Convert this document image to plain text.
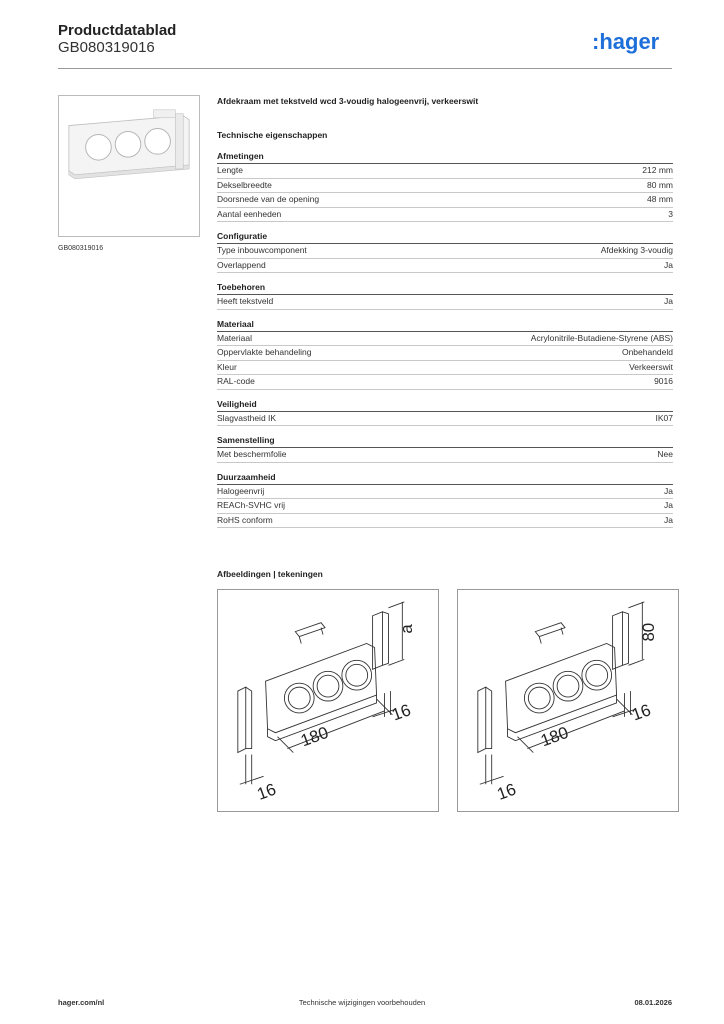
Productdatablad
GB080319016	:hager
GB080319016
Afdekraam met tekstveld wcd 3-voudig halogeenvrij, verkeerswit
Technische eigenschappen
Afmetingen
Lengte	212 mm
Dekselbreedte	80 mm
Doorsnede van de opening	48 mm
Aantal eenheden	3
Configuratie
Type inbouwcomponent	Afdekking 3-voudig
Overlappend	Ja
Toebehoren
Heeft tekstveld	Ja
Materiaal
Materiaal	Acrylonitrile-Butadiene-Styrene (ABS)
Oppervlakte behandeling	Onbehandeld
Kleur	Verkeerswit
RAL-code	9016
Veiligheid
Slagvastheid IK	IK07
Samenstelling
Met beschermfolie	Nee
Duurzaamheid
Halogeenvrij	Ja
REACh-SVHC vrij	Ja
RoHS conform	Ja
Afbeeldingen | tekeningen
a
180
16
16
80
180
16
16
hager.com/nl	Technische wijzigingen voorbehouden	08.01.2026
